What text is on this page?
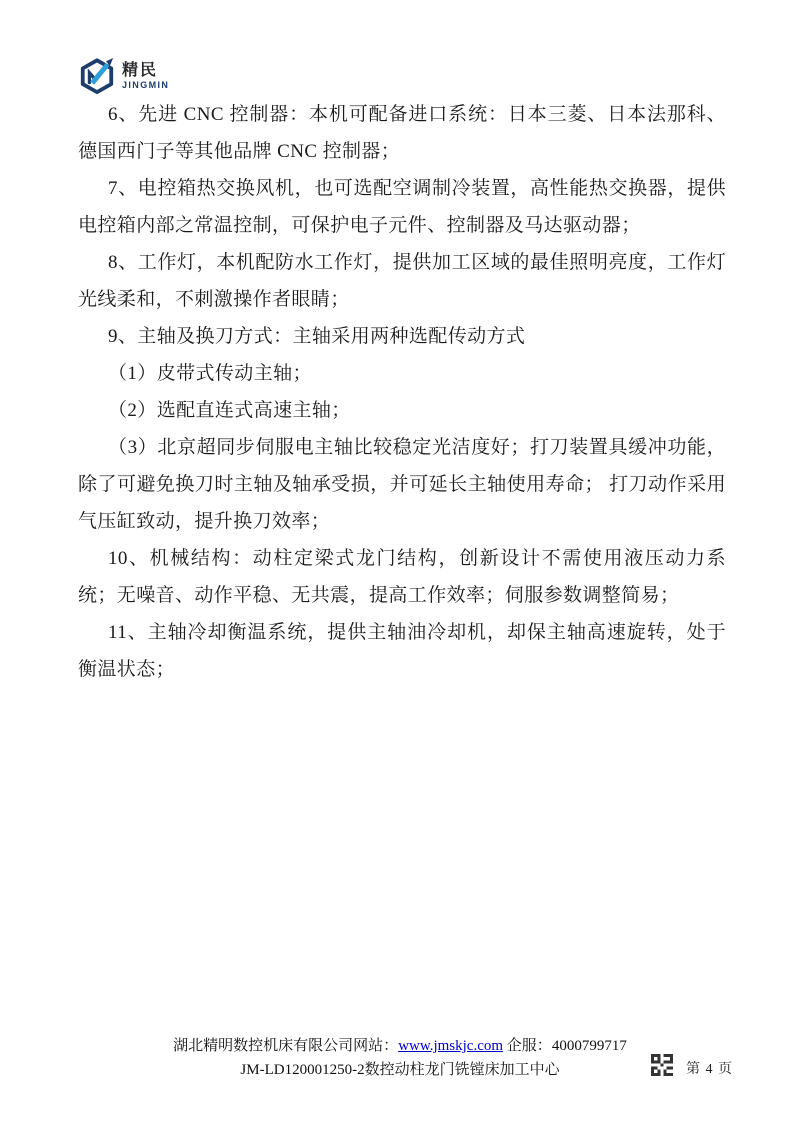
精民
JINGMIN

6、先进 CNC 控制器：本机可配备进口系统：日本三菱、日本法那科、德国西门子等其他品牌 CNC 控制器；

7、电控箱热交换风机，也可选配空调制冷装置，高性能热交换器，提供电控箱内部之常温控制，可保护电子元件、控制器及马达驱动器；

8、工作灯，本机配防水工作灯，提供加工区域的最佳照明亮度，工作灯光线柔和，不刺激操作者眼睛；

9、主轴及换刀方式：主轴采用两种选配传动方式

（1）皮带式传动主轴；

（2）选配直连式高速主轴；

（3）北京超同步伺服电主轴比较稳定光洁度好；打刀装置具缓冲功能，除了可避免换刀时主轴及轴承受损，并可延长主轴使用寿命； 打刀动作采用气压缸致动，提升换刀效率；

10、机械结构：动柱定梁式龙门结构，创新设计不需使用液压动力系统；无噪音、动作平稳、无共震，提高工作效率；伺服参数调整简易；

11、主轴冷却衡温系统，提供主轴油冷却机，却保主轴高速旋转，处于衡温状态；

湖北精明数控机床有限公司网站：www.jmskjc.com 企服：4000799717
JM-LD120001250-2数控动柱龙门铣镗床加工中心	第 4 页
